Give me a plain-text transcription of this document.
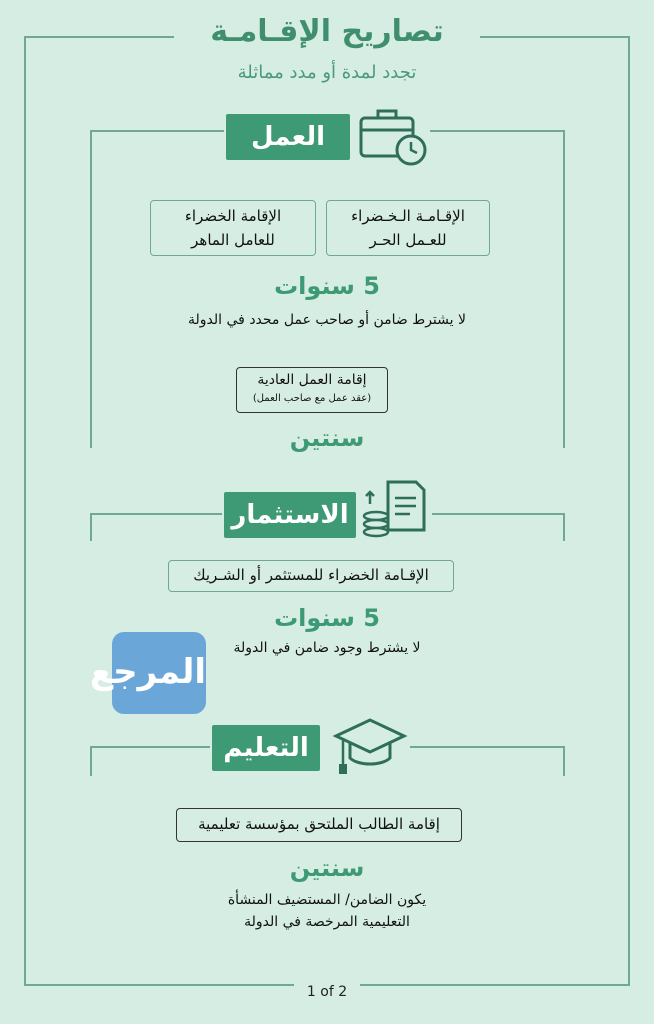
تصاريح الإقـامـة
تجدد لمدة أو مدد مماثلة
العمل
الإقـامـة الـخـضراء
للعـمل الحـر
الإقامة الخضراء
للعامل الماهر
5 سنوات
لا يشترط ضامن أو صاحب عمل محدد في الدولة
إقامة العمل العادية
(عقد عمل مع صاحب العمل)
سنتين
الاستثمار
الإقـامة الخضراء للمستثمر أو الشـريك
5 سنوات
لا يشترط وجود ضامن في الدولة
المرجع
التعليم
إقامة الطالب الملتحق بمؤسسة تعليمية
سنتين
يكون الضامن/ المستضيف المنشأة
التعليمية المرخصة في الدولة
1 of 2
